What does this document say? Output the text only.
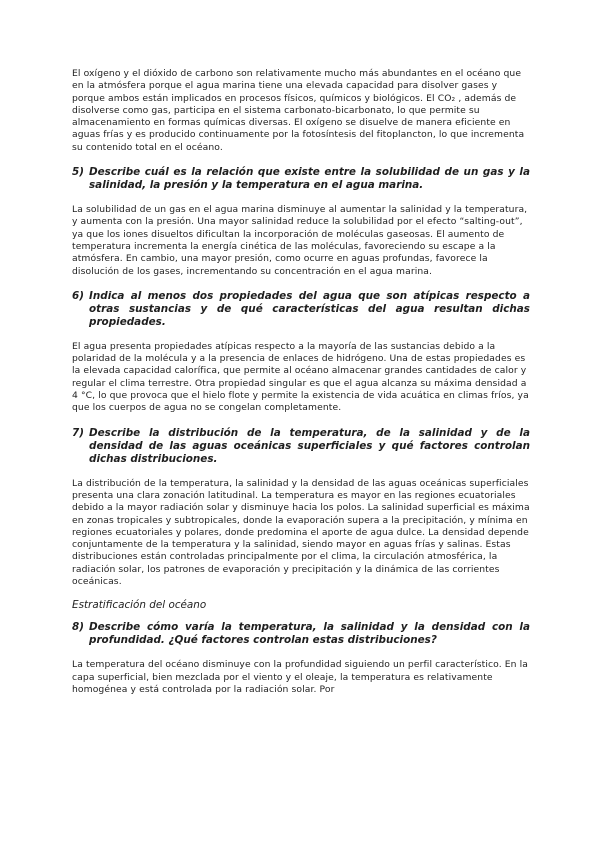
El oxígeno y el dióxido de carbono son relativamente mucho más abundantes en el océano que en la atmósfera porque el agua marina tiene una elevada capacidad para disolver gases y porque ambos están implicados en procesos físicos, químicos y biológicos. El CO₂ , además de disolverse como gas, participa en el sistema carbonato-bicarbonato, lo que permite su almacenamiento en formas químicas diversas. El oxígeno se disuelve de manera eficiente en aguas frías y es producido continuamente por la fotosíntesis del fitoplancton, lo que incrementa su contenido total en el océano.

5) Describe cuál es la relación que existe entre la solubilidad de un gas y la salinidad, la presión y la temperatura en el agua marina.

La solubilidad de un gas en el agua marina disminuye al aumentar la salinidad y la temperatura, y aumenta con la presión. Una mayor salinidad reduce la solubilidad por el efecto “salting-out”, ya que los iones disueltos dificultan la incorporación de moléculas gaseosas. El aumento de temperatura incrementa la energía cinética de las moléculas, favoreciendo su escape a la atmósfera. En cambio, una mayor presión, como ocurre en aguas profundas, favorece la disolución de los gases, incrementando su concentración en el agua marina.

6) Indica al menos dos propiedades del agua que son atípicas respecto a otras sustancias y de qué características del agua resultan dichas propiedades.

El agua presenta propiedades atípicas respecto a la mayoría de las sustancias debido a la polaridad de la molécula y a la presencia de enlaces de hidrógeno. Una de estas propiedades es la elevada capacidad calorífica, que permite al océano almacenar grandes cantidades de calor y regular el clima terrestre. Otra propiedad singular es que el agua alcanza su máxima densidad a 4 °C, lo que provoca que el hielo flote y permite la existencia de vida acuática en climas fríos, ya que los cuerpos de agua no se congelan completamente.

7) Describe la distribución de la temperatura, de la salinidad y de la densidad de las aguas oceánicas superficiales y qué factores controlan dichas distribuciones.

La distribución de la temperatura, la salinidad y la densidad de las aguas oceánicas superficiales presenta una clara zonación latitudinal. La temperatura es mayor en las regiones ecuatoriales debido a la mayor radiación solar y disminuye hacia los polos. La salinidad superficial es máxima en zonas tropicales y subtropicales, donde la evaporación supera a la precipitación, y mínima en regiones ecuatoriales y polares, donde predomina el aporte de agua dulce. La densidad depende conjuntamente de la temperatura y la salinidad, siendo mayor en aguas frías y salinas. Estas distribuciones están controladas principalmente por el clima, la circulación atmosférica, la radiación solar, los patrones de evaporación y precipitación y la dinámica de las corrientes oceánicas.

Estratificación del océano
8) Describe cómo varía la temperatura, la salinidad y la densidad con la profundidad. ¿Qué factores controlan estas distribuciones?

La temperatura del océano disminuye con la profundidad siguiendo un perfil característico. En la capa superficial, bien mezclada por el viento y el oleaje, la temperatura es relativamente homogénea y está controlada por la radiación solar. Por
